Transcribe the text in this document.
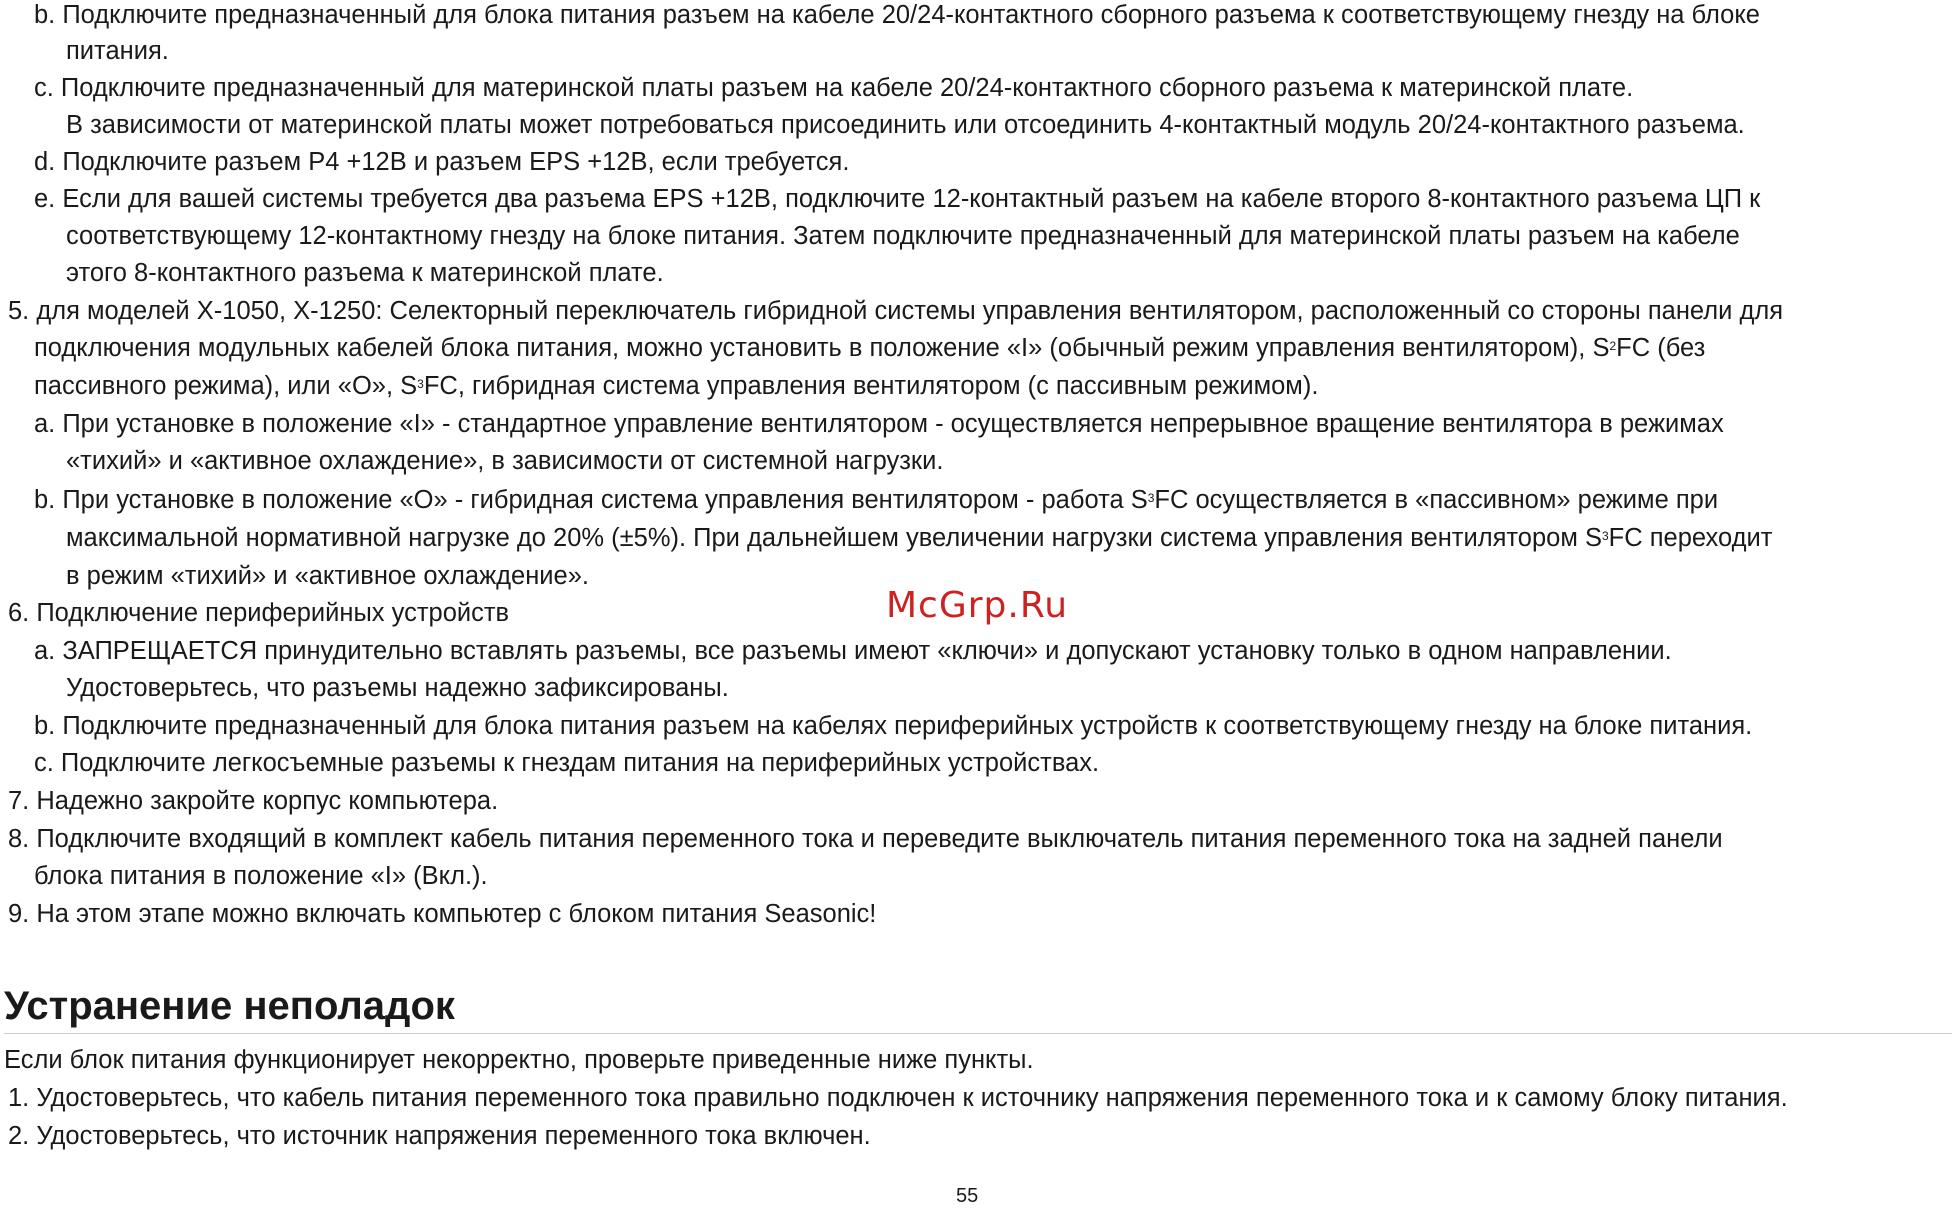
b. Подключите предназначенный для блока питания разъем на кабеле 20/24-контактного сборного разъема к соответствующему гнезду на блоке
питания.
c. Подключите предназначенный для материнской платы разъем на кабеле 20/24-контактного сборного разъема к материнской плате.
В зависимости от материнской платы может потребоваться присоединить или отсоединить 4-контактный модуль 20/24-контактного разъема.
d. Подключите разъем P4 +12В и разъем EPS +12В, если требуется.
e. Если для вашей системы требуется два разъема EPS +12В, подключите 12-контактный разъем на кабеле второго 8-контактного разъема ЦП к
соответствующему 12-контактному гнезду на блоке питания. Затем подключите предназначенный для материнской платы разъем на кабеле
этого 8-контактного разъема к материнской плате.
5. для моделей X-1050, X-1250: Селекторный переключатель гибридной системы управления вентилятором, расположенный со стороны панели для
подключения модульных кабелей блока питания, можно установить в положение «I» (обычный режим управления вентилятором), $S^2FC$ (без
пассивного режима), или «O», $S^3FC$, гибридная система управления вентилятором (с пассивным режимом).
a. При установке в положение «I» - стандартное управление вентилятором - осуществляется непрерывное вращение вентилятора в режимах
«тихий» и «активное охлаждение», в зависимости от системной нагрузки.
b. При установке в положение «O» - гибридная система управления вентилятором - работа $S^3FC$ осуществляется в «пассивном» режиме при
максимальной нормативной нагрузке до 20% (±5%). При дальнейшем увеличении нагрузки система управления вентилятором $S^3FC$ переходит
в режим «тихий» и «активное охлаждение».
6. Подключение периферийных устройств
a. ЗАПРЕЩАЕТСЯ принудительно вставлять разъемы, все разъемы имеют «ключи» и допускают установку только в одном направлении.
Удостоверьтесь, что разъемы надежно зафиксированы.
b. Подключите предназначенный для блока питания разъем на кабелях периферийных устройств к соответствующему гнезду на блоке питания.
c. Подключите легкосъемные разъемы к гнездам питания на периферийных устройствах.
7. Надежно закройте корпус компьютера.
8. Подключите входящий в комплект кабель питания переменного тока и переведите выключатель питания переменного тока на задней панели
блока питания в положение «I» (Вкл.).
9. На этом этапе можно включать компьютер с блоком питания Seasonic!
Устранение неполадок
Если блок питания функционирует некорректно, проверьте приведенные ниже пункты.
1. Удостоверьтесь, что кабель питания переменного тока правильно подключен к источнику напряжения переменного тока и к самому блоку питания.
2. Удостоверьтесь, что источник напряжения переменного тока включен.
McGrp.Ru
55
